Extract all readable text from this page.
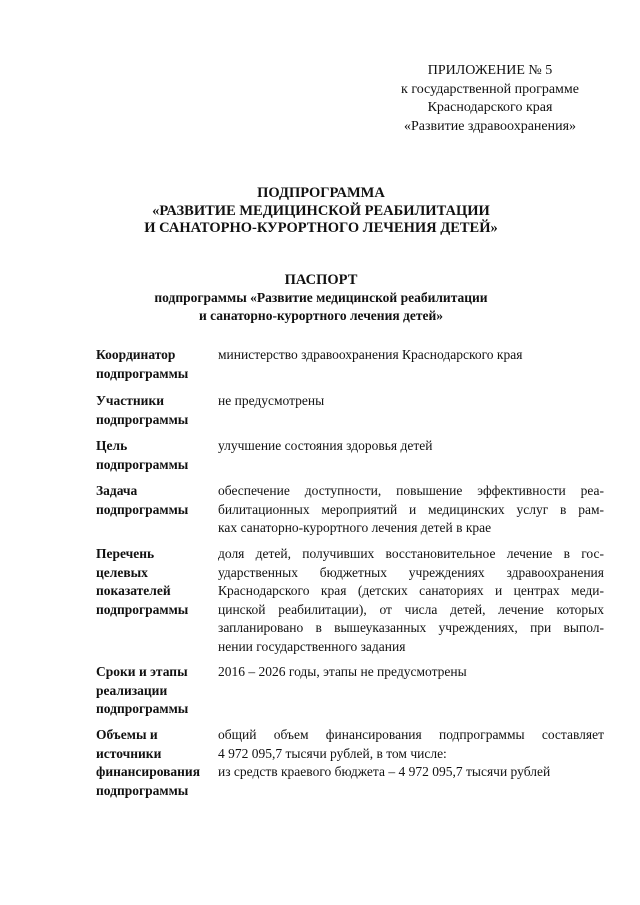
ПРИЛОЖЕНИЕ № 5
к государственной программе
Краснодарского края
«Развитие здравоохранения»
ПОДПРОГРАММА
«РАЗВИТИЕ МЕДИЦИНСКОЙ РЕАБИЛИТАЦИИ
И САНАТОРНО-КУРОРТНОГО ЛЕЧЕНИЯ ДЕТЕЙ»
ПАСПОРТ
подпрограммы «Развитие медицинской реабилитации
и санаторно-курортного лечения детей»
Координатор
подпрограммы
министерство здравоохранения Краснодарского края
Участники
подпрограммы
не предусмотрены
Цель
подпрограммы
улучшение состояния здоровья детей
Задача
подпрограммы
обеспечение доступности, повышение эффективности реа-
билитационных мероприятий и медицинских услуг в рам-
ках санаторно-курортного лечения детей в крае
Перечень
целевых
показателей
подпрограммы
доля детей, получивших восстановительное лечение в гос-
ударственных бюджетных учреждениях здравоохранения
Краснодарского края (детских санаториях и центрах меди-
цинской реабилитации), от числа детей, лечение которых
запланировано в вышеуказанных учреждениях, при выпол-
нении государственного задания
Сроки и этапы
реализации
подпрограммы
2016 – 2026 годы, этапы не предусмотрены
Объемы и
источники
финансирования
подпрограммы
общий объем финансирования подпрограммы составляет
4 972 095,7 тысячи рублей, в том числе:
из средств краевого бюджета – 4 972 095,7 тысячи рублей
